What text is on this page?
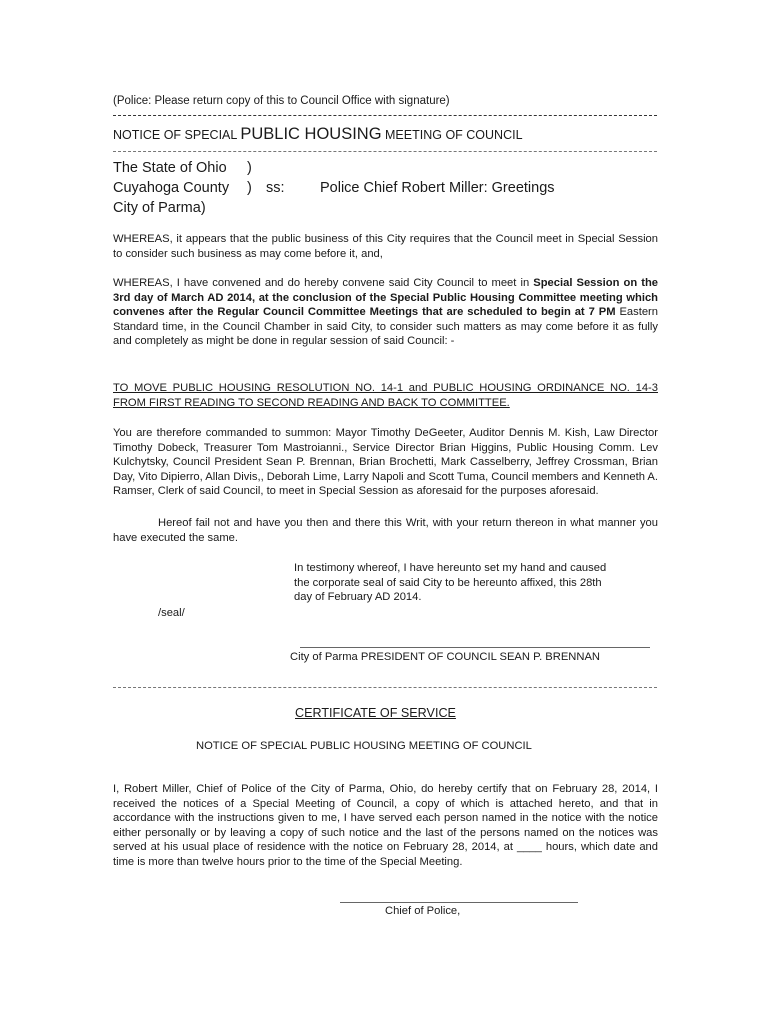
(Police: Please return copy of this to Council Office with signature)
NOTICE OF SPECIAL PUBLIC HOUSING MEETING OF COUNCIL
The State of Ohio
Cuyahoga County
City of Parma)
)
) ss: Police Chief Robert Miller: Greetings
WHEREAS, it appears that the public business of this City requires that the Council meet in Special Session to consider such business as may come before it, and,
WHEREAS, I have convened and do hereby convene said City Council to meet in Special Session on the 3rd day of March AD 2014, at the conclusion of the Special Public Housing Committee meeting which convenes after the Regular Council Committee Meetings that are scheduled to begin at 7 PM Eastern Standard time, in the Council Chamber in said City, to consider such matters as may come before it as fully and completely as might be done in regular session of said Council: -
TO MOVE PUBLIC HOUSING RESOLUTION NO. 14-1 and PUBLIC HOUSING ORDINANCE NO. 14-3 FROM FIRST READING TO SECOND READING AND BACK TO COMMITTEE.
You are therefore commanded to summon: Mayor Timothy DeGeeter, Auditor Dennis M. Kish, Law Director Timothy Dobeck, Treasurer Tom Mastroianni., Service Director Brian Higgins, Public Housing Comm. Lev Kulchytsky, Council President Sean P. Brennan, Brian Brochetti, Mark Casselberry, Jeffrey Crossman, Brian Day, Vito Dipierro, Allan Divis,, Deborah Lime, Larry Napoli and Scott Tuma, Council members and Kenneth A. Ramser, Clerk of said Council, to meet in Special Session as aforesaid for the purposes aforesaid.
Hereof fail not and have you then and there this Writ, with your return thereon in what manner you have executed the same.
In testimony whereof, I have hereunto set my hand and caused
the corporate seal of said City to be hereunto affixed, this 28th
day of February AD 2014.
/seal/
City of Parma PRESIDENT OF COUNCIL SEAN P. BRENNAN
CERTIFICATE OF SERVICE
NOTICE OF SPECIAL PUBLIC HOUSING MEETING OF COUNCIL
I, Robert Miller, Chief of Police of the City of Parma, Ohio, do hereby certify that on February 28, 2014, I received the notices of a Special Meeting of Council, a copy of which is attached hereto, and that in accordance with the instructions given to me, I have served each person named in the notice with the notice either personally or by leaving a copy of such notice and the last of the persons named on the notices was served at his usual place of residence with the notice on February 28, 2014, at ____ hours, which date and time is more than twelve hours prior to the time of the Special Meeting.
Chief of Police,
